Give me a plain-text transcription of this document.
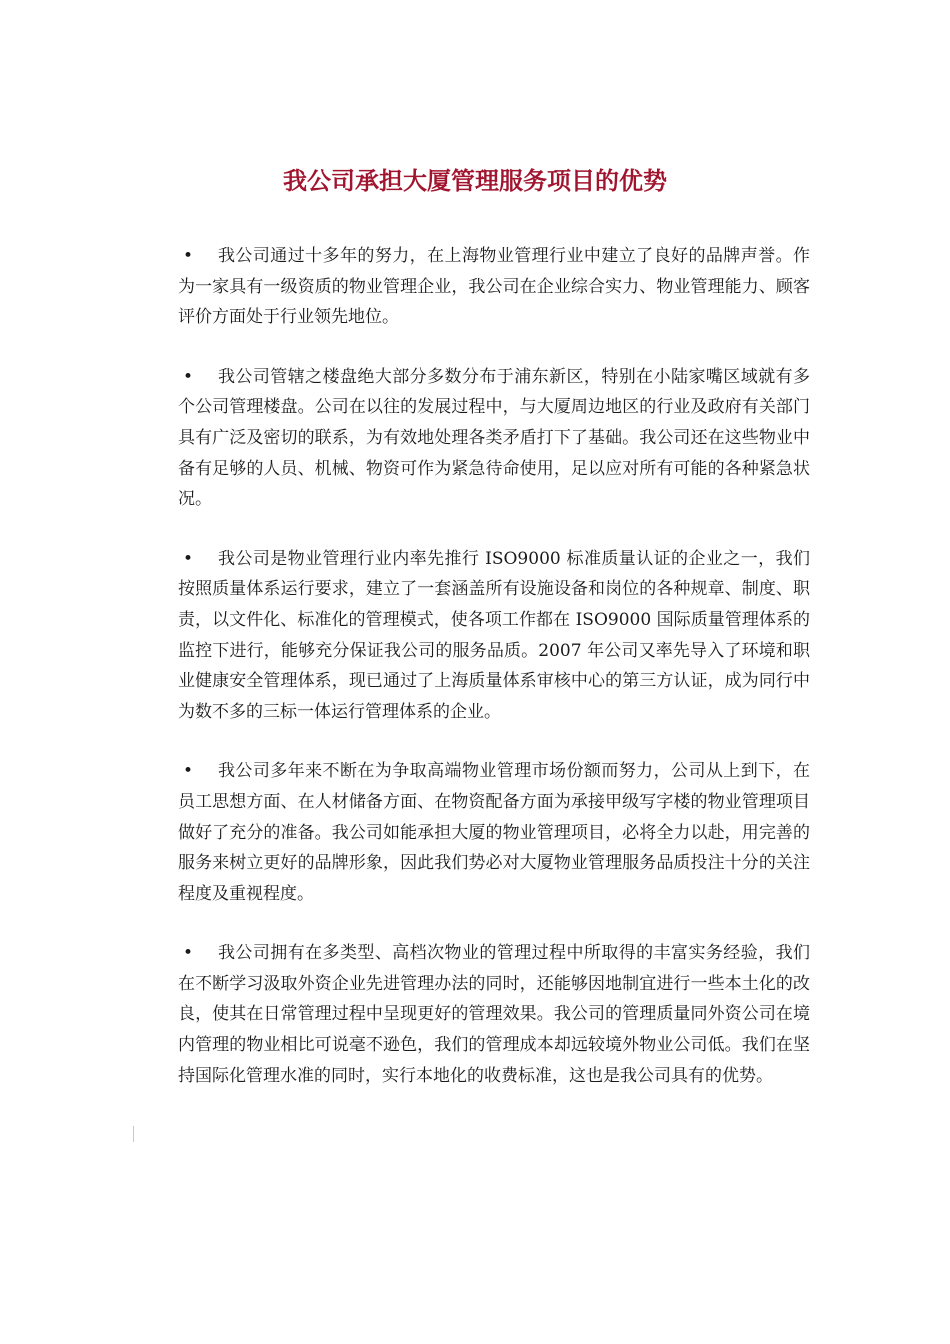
我公司承担大厦管理服务项目的优势

• 我公司通过十多年的努力，在上海物业管理行业中建立了良好的品牌声誉。作为一家具有一级资质的物业管理企业，我公司在企业综合实力、物业管理能力、顾客评价方面处于行业领先地位。

• 我公司管辖之楼盘绝大部分多数分布于浦东新区，特别在小陆家嘴区域就有多个公司管理楼盘。公司在以往的发展过程中，与大厦周边地区的行业及政府有关部门具有广泛及密切的联系，为有效地处理各类矛盾打下了基础。我公司还在这些物业中备有足够的人员、机械、物资可作为紧急待命使用，足以应对所有可能的各种紧急状况。

• 我公司是物业管理行业内率先推行 ISO9000 标准质量认证的企业之一，我们按照质量体系运行要求，建立了一套涵盖所有设施设备和岗位的各种规章、制度、职责，以文件化、标准化的管理模式，使各项工作都在 ISO9000 国际质量管理体系的监控下进行，能够充分保证我公司的服务品质。2007 年公司又率先导入了环境和职业健康安全管理体系，现已通过了上海质量体系审核中心的第三方认证，成为同行中为数不多的三标一体运行管理体系的企业。

• 我公司多年来不断在为争取高端物业管理市场份额而努力，公司从上到下，在员工思想方面、在人材储备方面、在物资配备方面为承接甲级写字楼的物业管理项目做好了充分的准备。我公司如能承担大厦的物业管理项目，必将全力以赴，用完善的服务来树立更好的品牌形象，因此我们势必对大厦物业管理服务品质投注十分的关注程度及重视程度。

• 我公司拥有在多类型、高档次物业的管理过程中所取得的丰富实务经验，我们在不断学习汲取外资企业先进管理办法的同时，还能够因地制宜进行一些本土化的改良，使其在日常管理过程中呈现更好的管理效果。我公司的管理质量同外资公司在境内管理的物业相比可说毫不逊色，我们的管理成本却远较境外物业公司低。我们在坚持国际化管理水准的同时，实行本地化的收费标准，这也是我公司具有的优势。
